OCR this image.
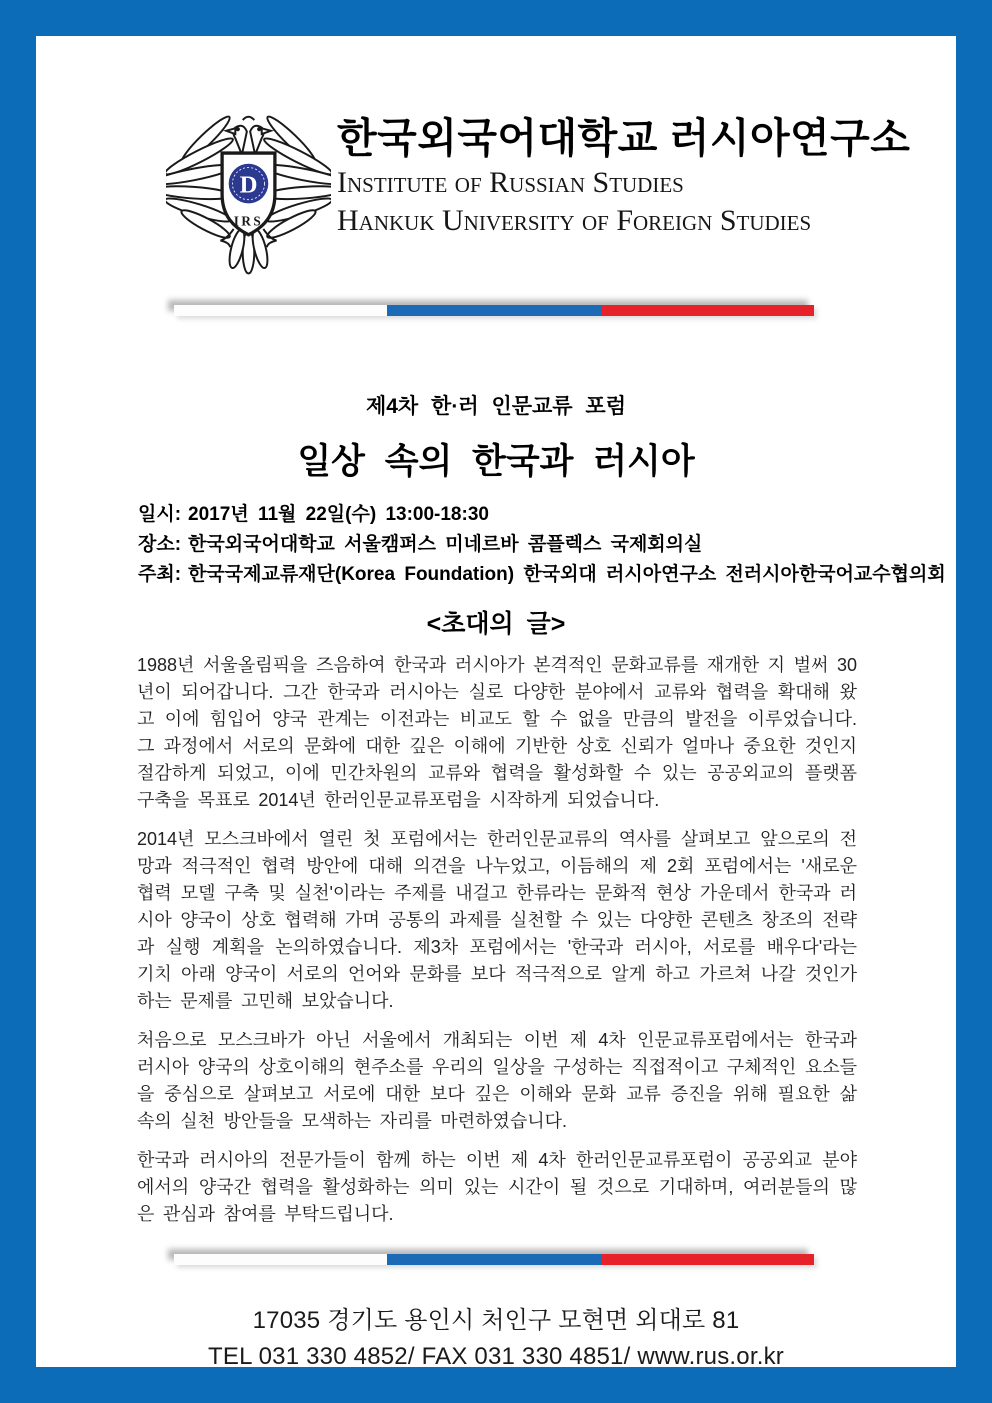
D
IRS
한국외국어대학교 러시아연구소
Institute of Russian Studies
Hankuk University of Foreign Studies
제4차 한·러 인문교류 포럼
일상 속의 한국과 러시아
일시: 2017년 11월 22일(수) 13:00-18:30
장소: 한국외국어대학교 서울캠퍼스 미네르바 콤플렉스 국제회의실
주최: 한국국제교류재단(Korea Foundation) 한국외대 러시아연구소 전러시아한국어교수협의회
<초대의 글>

1988년 서울올림픽을 즈음하여 한국과 러시아가 본격적인 문화교류를 재개한 지 벌써 30년이 되어갑니다. 그간 한국과 러시아는 실로 다양한 분야에서 교류와 협력을 확대해 왔고 이에 힘입어 양국 관계는 이전과는 비교도 할 수 없을 만큼의 발전을 이루었습니다. 그 과정에서 서로의 문화에 대한 깊은 이해에 기반한 상호 신뢰가 얼마나 중요한 것인지 절감하게 되었고, 이에 민간차원의 교류와 협력을 활성화할 수 있는 공공외교의 플랫폼 구축을 목표로 2014년 한러인문교류포럼을 시작하게 되었습니다.

2014년 모스크바에서 열린 첫 포럼에서는 한러인문교류의 역사를 살펴보고 앞으로의 전망과 적극적인 협력 방안에 대해 의견을 나누었고, 이듬해의 제 2회 포럼에서는 '새로운 협력 모델 구축 및 실천'이라는 주제를 내걸고 한류라는 문화적 현상 가운데서 한국과 러시아 양국이 상호 협력해 가며 공통의 과제를 실천할 수 있는 다양한 콘텐츠 창조의 전략과 실행 계획을 논의하였습니다. 제3차 포럼에서는 '한국과 러시아, 서로를 배우다'라는 기치 아래 양국이 서로의 언어와 문화를 보다 적극적으로 알게 하고 가르쳐 나갈 것인가 하는 문제를 고민해 보았습니다.

처음으로 모스크바가 아닌 서울에서 개최되는 이번 제 4차 인문교류포럼에서는 한국과 러시아 양국의 상호이해의 현주소를 우리의 일상을 구성하는 직접적이고 구체적인 요소들을 중심으로 살펴보고 서로에 대한 보다 깊은 이해와 문화 교류 증진을 위해 필요한 삶 속의 실천 방안들을 모색하는 자리를 마련하였습니다.

한국과 러시아의 전문가들이 함께 하는 이번 제 4차 한러인문교류포럼이 공공외교 분야에서의 양국간 협력을 활성화하는 의미 있는 시간이 될 것으로 기대하며, 여러분들의 많은 관심과 참여를 부탁드립니다.

17035 경기도 용인시 처인구 모현면 외대로 81
TEL 031 330 4852/ FAX 031 330 4851/ www.rus.or.kr
